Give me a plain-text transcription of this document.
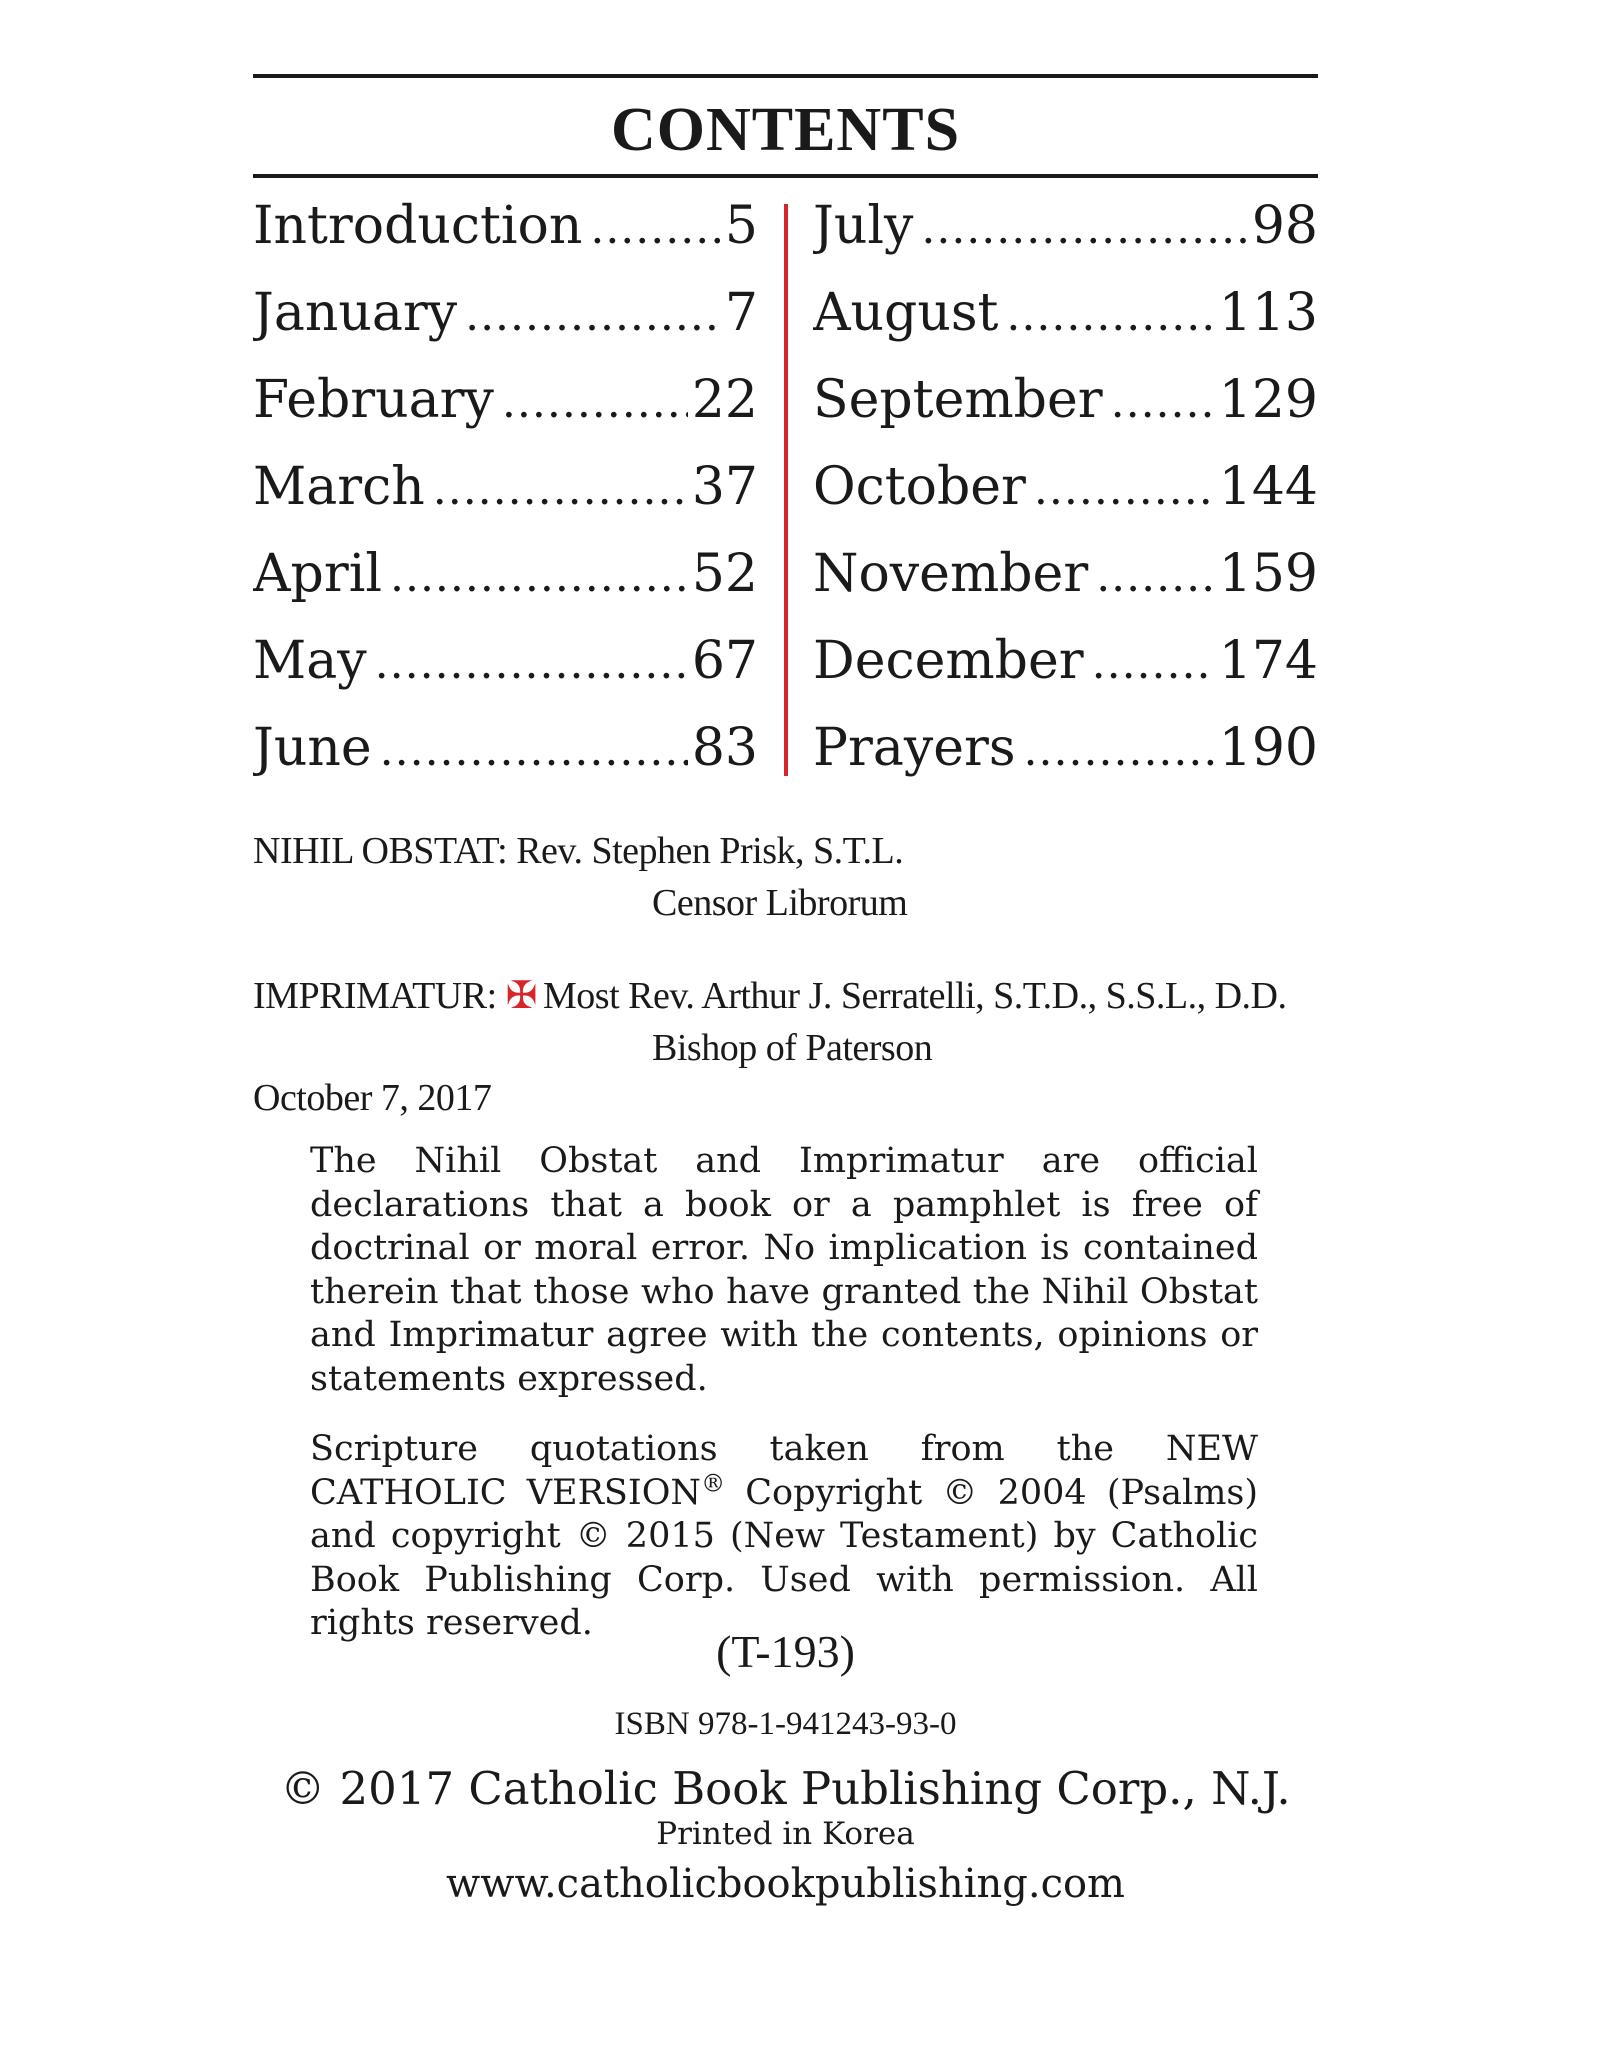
CONTENTS
Introduction .....	5
January .....	7
February .....	22
March .....	37
April .....	52
May .....	67
June .....	83
July .....	98
August .....	113
September ..... 129
October .....	144
November .....	159
December .....	174
Prayers .....	190
NIHIL OBSTAT: Rev. Stephen Prisk, S.T.L.
Censor Librorum
IMPRIMATUR: ✠ Most Rev. Arthur J. Serratelli, S.T.D., S.S.L., D.D.
Bishop of Paterson
October 7, 2017
The Nihil Obstat and Imprimatur are official declarations that a book or a pamphlet is free of doctrinal or moral error. No implication is contained therein that those who have granted the Nihil Obstat and Imprimatur agree with the contents, opinions or statements expressed.
Scripture quotations taken from the NEW CATHOLIC VERSION® Copyright © 2004 (Psalms) and copyright © 2015 (New Testament) by Catholic Book Publishing Corp. Used with permission. All rights reserved.
(T-193)
ISBN 978-1-941243-93-0
© 2017 Catholic Book Publishing Corp., N.J.
Printed in Korea
www.catholicbookpublishing.com
